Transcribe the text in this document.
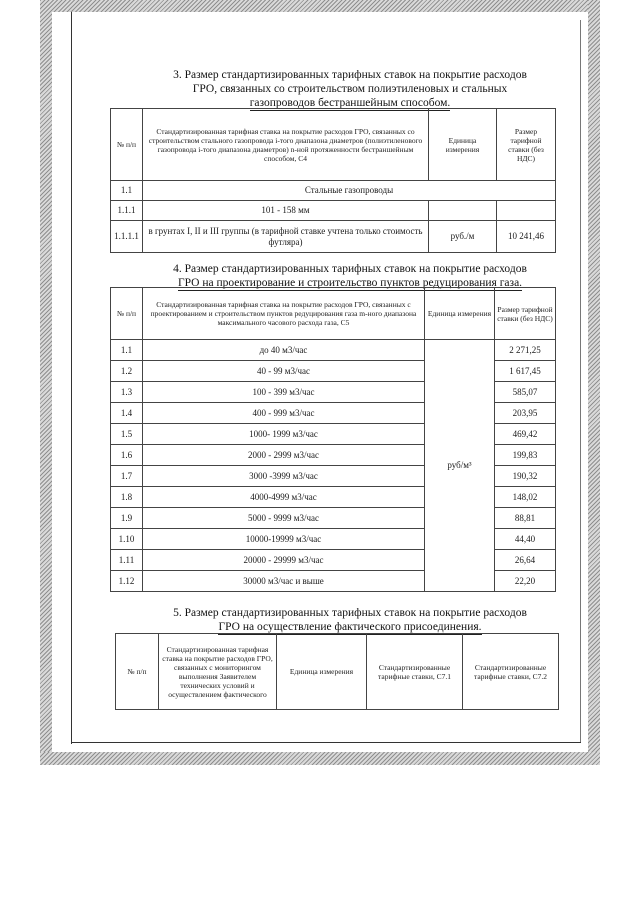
3. Размер стандартизированных тарифных ставок на покрытие расходов
ГРО, связанных со строительством полиэтиленовых и стальных
газопроводов бестраншейным способом.
№ п/п	Стандартизированная тарифная ставка на покрытие расходов ГРО, связанных со строительством стального газопровода i-того диапазона диаметров (полиэтиленового газопровода i-того диапазона диаметров) n-ной протяженности бестраншейным способом, С4	Единица измерения	Размер тарифной ставки (без НДС)
1.1	Стальные газопроводы		
1.1.1	101 - 158 мм		
1.1.1.1	в грунтах I, II и III группы (в тарифной ставке учтена только стоимость футляра)	руб./м	10 241,46
4. Размер стандартизированных тарифных ставок на покрытие расходов
ГРО на проектирование и строительство пунктов редуцирования газа.
№ п/п	Стандартизированная тарифная ставка на покрытие расходов ГРО, связанных с проектированием и строительством пунктов редуцирования газа m-ного диапазона максимального часового расхода газа, С5	Единица измерения	Размер тарифной ставки (без НДС)
1.1	до 40 м3/час	руб/м³	2 271,25
1.2	40 - 99 м3/час		1 617,45
1.3	100 - 399 м3/час		585,07
1.4	400 - 999 м3/час		203,95
1.5	1000- 1999 м3/час		469,42
1.6	2000 - 2999 м3/час		199,83
1.7	3000 -3999 м3/час		190,32
1.8	4000-4999 м3/час		148,02
1.9	5000 - 9999 м3/час		88,81
1.10	10000-19999 м3/час		44,40
1.11	20000 - 29999 м3/час		26,64
1.12	30000 м3/час и выше		22,20
5. Размер стандартизированных тарифных ставок на покрытие расходов
ГРО на осуществление фактического присоединения.
№ п/п	Стандартизированная тарифная ставка на покрытие расходов ГРО, связанных с мониторингом выполнения Заявителем технических условий и осуществлением фактического	Единица измерения	Стандартизированные тарифные ставки, С7.1	Стандартизированные тарифные ставки, С7.2
